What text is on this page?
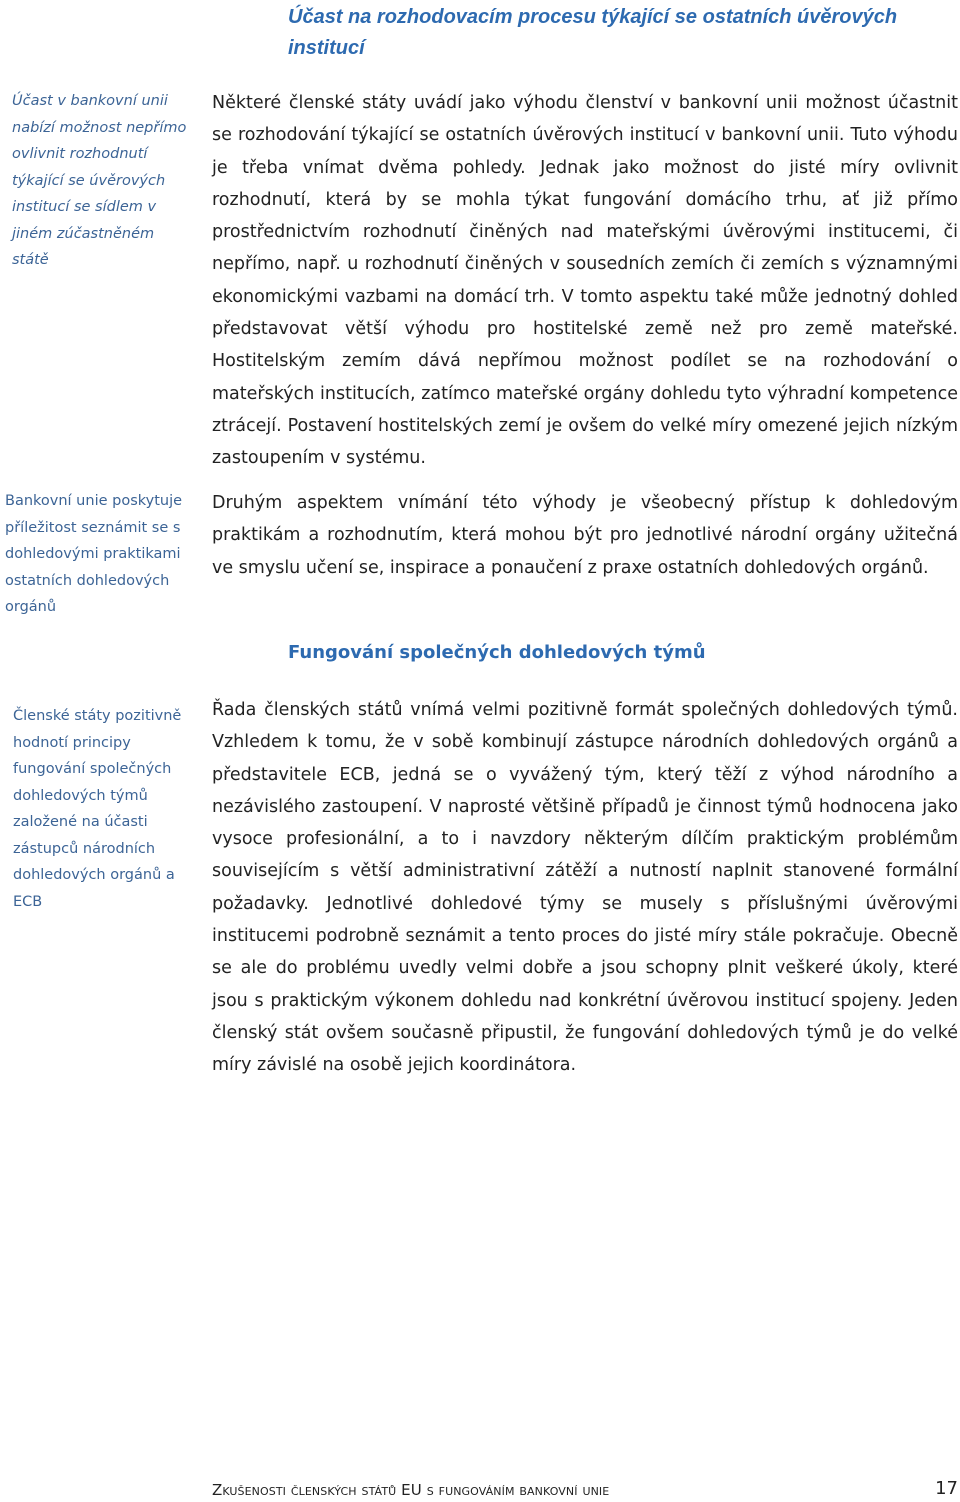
Účast na rozhodovacím procesu týkající se ostatních úvěrových institucí
Účast v bankovní unii nabízí možnost nepřímo ovlivnit rozhodnutí týkající se úvěrových institucí se sídlem v jiném zúčastněném státě
Bankovní unie poskytuje příležitost seznámit se s dohledovými praktikami ostatních dohledových orgánů
Členské státy pozitivně hodnotí principy fungování společných dohledových týmů založené na účasti zástupců národních dohledových orgánů a ECB
Některé členské státy uvádí jako výhodu členství v bankovní unii možnost účastnit se rozhodování týkající se ostatních úvěrových institucí v bankovní unii. Tuto výhodu je třeba vnímat dvěma pohledy. Jednak jako možnost do jisté míry ovlivnit rozhodnutí, která by se mohla týkat fungování domácího trhu, ať již přímo prostřednictvím rozhodnutí činěných nad mateřskými úvěrovými institucemi, či nepřímo, např. u rozhodnutí činěných v sousedních zemích či zemích s významnými ekonomickými vazbami na domácí trh. V tomto aspektu také může jednotný dohled představovat větší výhodu pro hostitelské země než pro země mateřské. Hostitelským zemím dává nepřímou možnost podílet se na rozhodování o mateřských institucích, zatímco mateřské orgány dohledu tyto výhradní kompetence ztrácejí. Postavení hostitelských zemí je ovšem do velké míry omezené jejich nízkým zastoupením v systému.
Druhým aspektem vnímání této výhody je všeobecný přístup k dohledovým praktikám a rozhodnutím, která mohou být pro jednotlivé národní orgány užitečná ve smyslu učení se, inspirace a ponaučení z praxe ostatních dohledových orgánů.
Fungování společných dohledových týmů
Řada členských států vnímá velmi pozitivně formát společných dohledových týmů. Vzhledem k tomu, že v sobě kombinují zástupce národních dohledových orgánů a představitele ECB, jedná se o vyvážený tým, který těží z výhod národního a nezávislého zastoupení. V naprosté většině případů je činnost týmů hodnocena jako vysoce profesionální, a to i navzdory některým dílčím praktickým problémům souvisejícím s větší administrativní zátěží a nutností naplnit stanovené formální požadavky. Jednotlivé dohledové týmy se musely s příslušnými úvěrovými institucemi podrobně seznámit a tento proces do jisté míry stále pokračuje. Obecně se ale do problému uvedly velmi dobře a jsou schopny plnit veškeré úkoly, které jsou s praktickým výkonem dohledu nad konkrétní úvěrovou institucí spojeny. Jeden členský stát ovšem současně připustil, že fungování dohledových týmů je do velké míry závislé na osobě jejich koordinátora.
Zkušenosti členských států EU s fungováním bankovní unie	17
